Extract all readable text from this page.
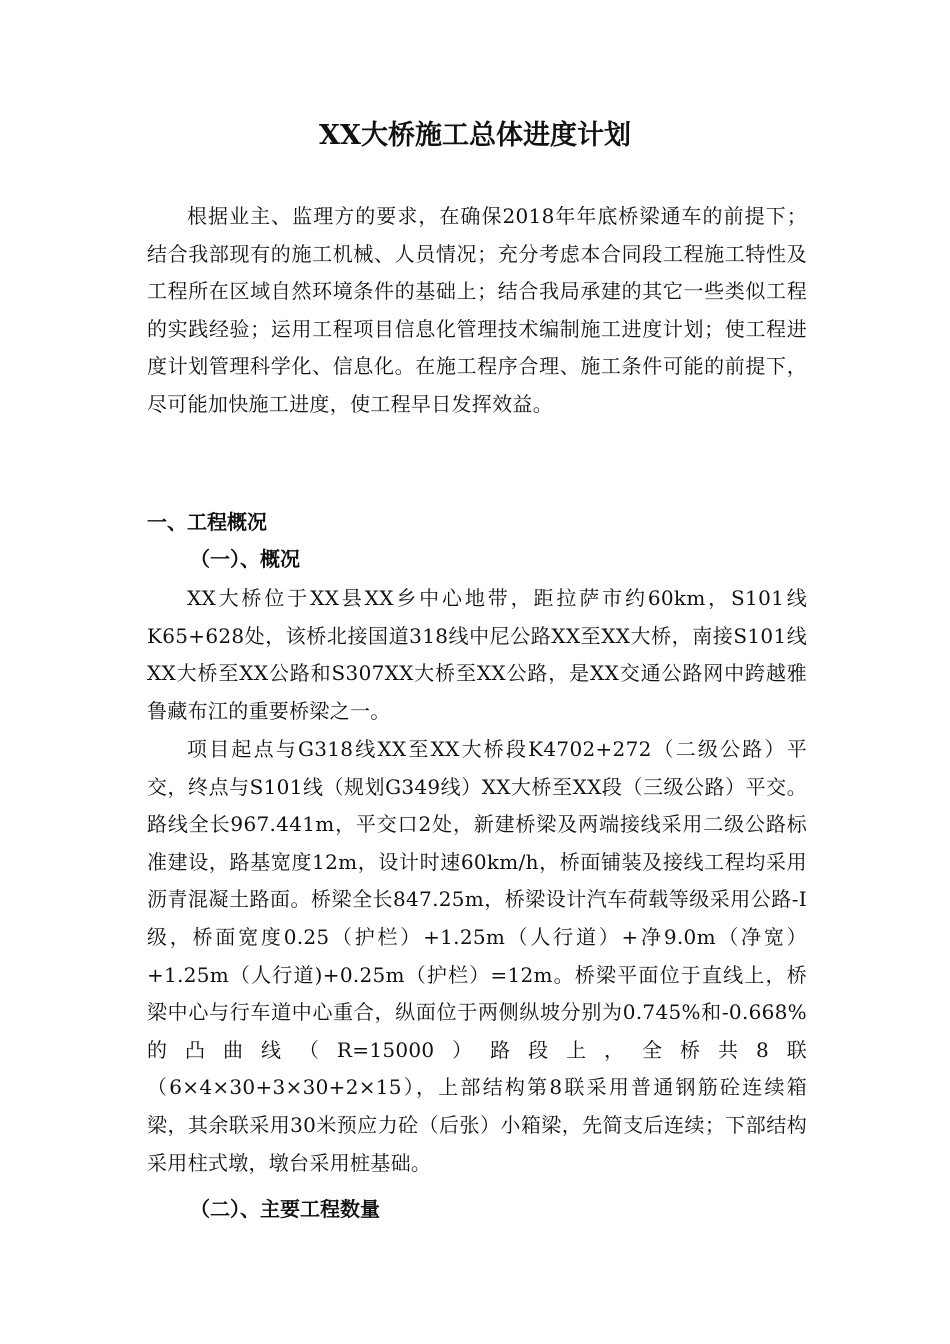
XX大桥施工总体进度计划
根据业主、监理方的要求，在确保2018年年底桥梁通车的前提下；结合我部现有的施工机械、人员情况；充分考虑本合同段工程施工特性及工程所在区域自然环境条件的基础上；结合我局承建的其它一些类似工程的实践经验；运用工程项目信息化管理技术编制施工进度计划；使工程进度计划管理科学化、信息化。在施工程序合理、施工条件可能的前提下，尽可能加快施工进度，使工程早日发挥效益。
一、工程概况
（一）、概况
XX大桥位于XX县XX乡中心地带，距拉萨市约60km，S101线K65+628处，该桥北接国道318线中尼公路XX至XX大桥，南接S101线XX大桥至XX公路和S307XX大桥至XX公路，是XX交通公路网中跨越雅鲁藏布江的重要桥梁之一。
项目起点与G318线XX至XX大桥段K4702+272（二级公路）平交，终点与S101线（规划G349线）XX大桥至XX段（三级公路）平交。路线全长967.441m，平交口2处，新建桥梁及两端接线采用二级公路标准建设，路基宽度12m，设计时速60km/h，桥面铺装及接线工程均采用沥青混凝土路面。桥梁全长847.25m，桥梁设计汽车荷载等级采用公路-I级，桥面宽度0.25（护栏）+1.25m（人行道）+净9.0m（净宽）+1.25m（人行道)+0.25m（护栏）=12m。桥梁平面位于直线上，桥梁中心与行车道中心重合，纵面位于两侧纵坡分别为0.745%和-0.668%的凸曲线（R=15000）路段上，全桥共8联（6×4×30+3×30+2×15），上部结构第8联采用普通钢筋砼连续箱梁，其余联采用30米预应力砼（后张）小箱梁，先简支后连续；下部结构采用柱式墩，墩台采用桩基础。
（二）、主要工程数量
